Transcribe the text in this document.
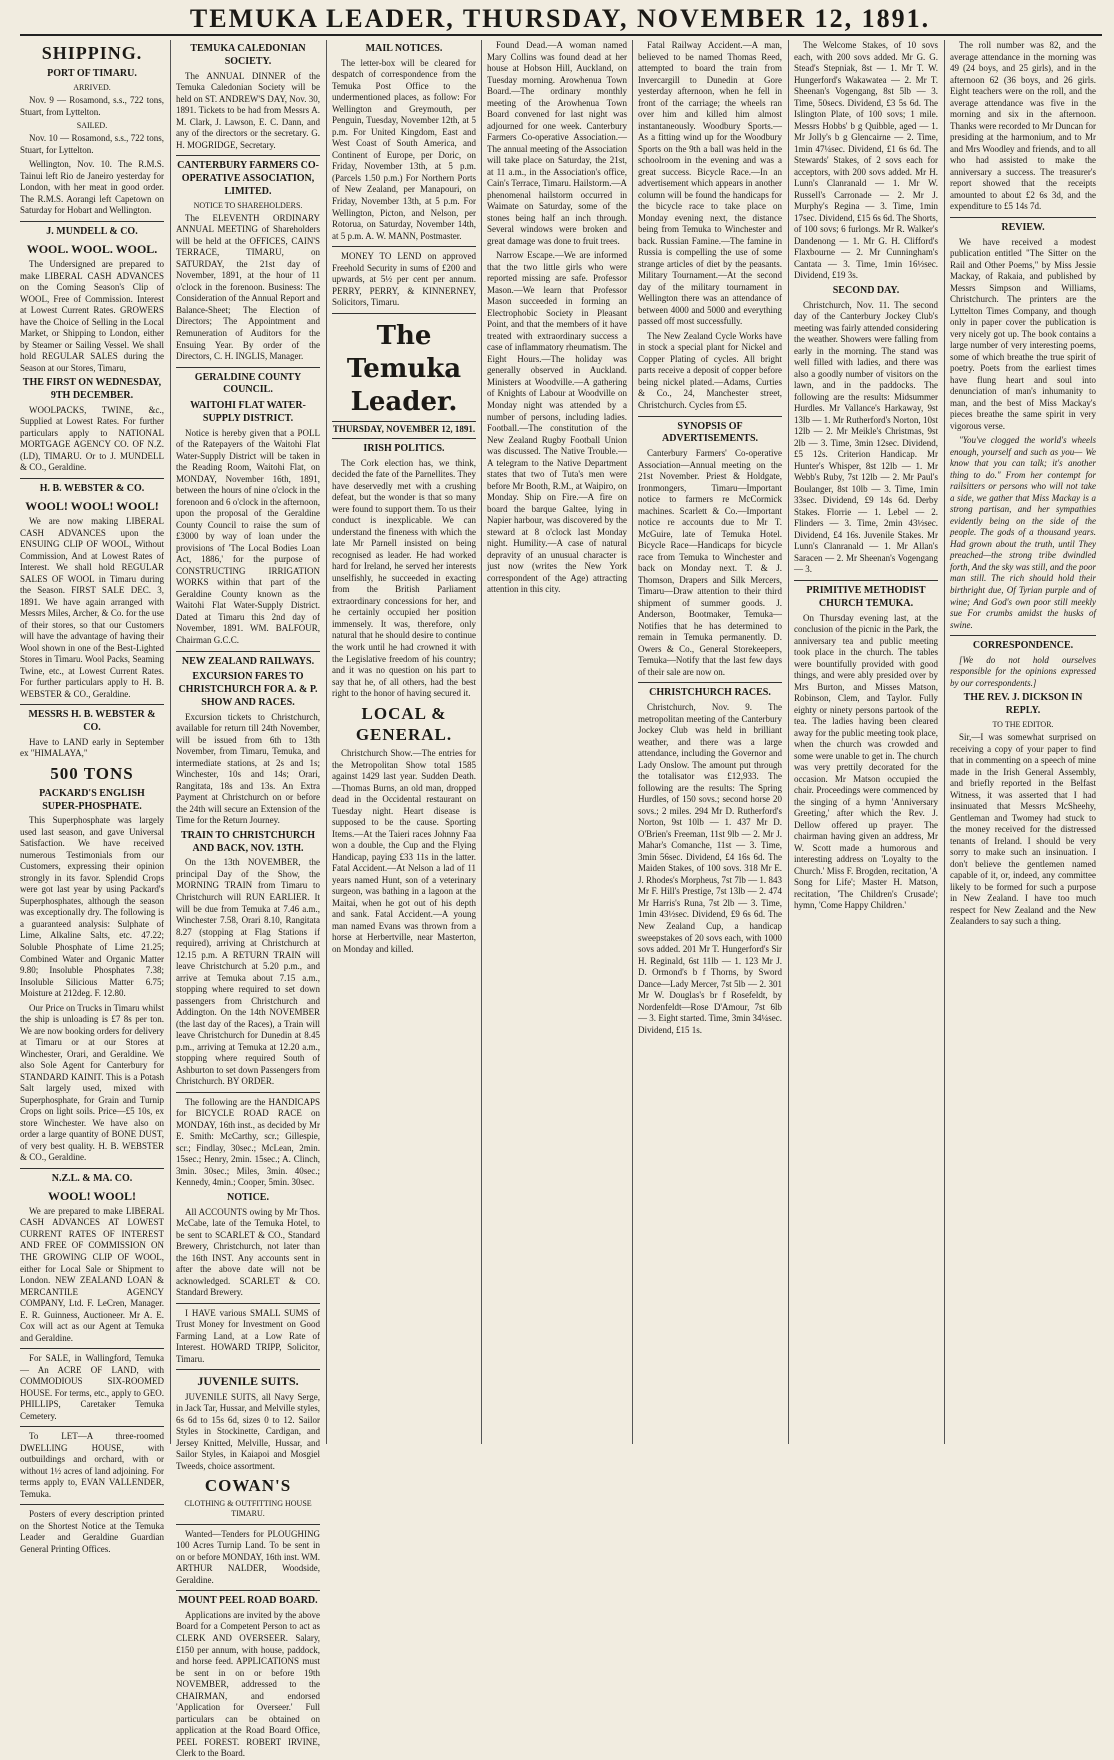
TEMUKA LEADER, THURSDAY, NOVEMBER 12, 1891.
SHIPPING.
PORT OF TIMARU.
ARRIVED.

Nov. 9 — Rosamond, s.s., 722 tons, Stuart, from Lyttelton.

SAILED.

Nov. 10 — Rosamond, s.s., 722 tons, Stuart, for Lyttelton.

Wellington, Nov. 10. The R.M.S. Tainui left Rio de Janeiro yesterday for London, with her meat in good order. The R.M.S. Aorangi left Capetown on Saturday for Hobart and Wellington.

J. MUNDELL & CO.
WOOL. WOOL. WOOL.

The Undersigned are prepared to make LIBERAL CASH ADVANCES on the Coming Season's Clip of WOOL, Free of Commission. Interest at Lowest Current Rates. GROWERS have the Choice of Selling in the Local Market, or Shipping to London, either by Steamer or Sailing Vessel. We shall hold REGULAR SALES during the Season at our Stores, Timaru,

THE FIRST ON WEDNESDAY, 9TH DECEMBER.

WOOLPACKS, TWINE, &c., Supplied at Lowest Rates. For further particulars apply to NATIONAL MORTGAGE AGENCY CO. OF N.Z. (LD), TIMARU. Or to J. MUNDELL & CO., Geraldine.

H. B. WEBSTER & CO.
WOOL! WOOL! WOOL!

We are now making LIBERAL CASH ADVANCES upon the ENSUING CLIP OF WOOL, Without Commission, And at Lowest Rates of Interest. We shall hold REGULAR SALES OF WOOL in Timaru during the Season. FIRST SALE DEC. 3, 1891. We have again arranged with Messrs Miles, Archer, & Co. for the use of their stores, so that our Customers will have the advantage of having their Wool shown in one of the Best-Lighted Stores in Timaru. Wool Packs, Seaming Twine, etc., at Lowest Current Rates. For further particulars apply to H. B. WEBSTER & CO., Geraldine.

MESSRS H. B. WEBSTER & CO.

Have to LAND early in September ex "HIMALAYA,"

500 TONS
PACKARD'S ENGLISH SUPER-PHOSPHATE.

This Superphosphate was largely used last season, and gave Universal Satisfaction. We have received numerous Testimonials from our Customers, expressing their opinion strongly in its favor. Splendid Crops were got last year by using Packard's Superphosphates, although the season was exceptionally dry. The following is a guaranteed analysis: Sulphate of Lime, Alkaline Salts, etc. 47.22; Soluble Phosphate of Lime 21.25; Combined Water and Organic Matter 9.80; Insoluble Phosphates 7.38; Insoluble Silicious Matter 6.75; Moisture at 212deg. F. 12.80.

Our Price on Trucks in Timaru whilst the ship is unloading is £7 8s per ton. We are now booking orders for delivery at Timaru or at our Stores at Winchester, Orari, and Geraldine. We also Sole Agent for Canterbury for STANDARD KAINIT. This is a Potash Salt largely used, mixed with Superphosphate, for Grain and Turnip Crops on light soils. Price—£5 10s, ex store Winchester. We have also on order a large quantity of BONE DUST, of very best quality. H. B. WEBSTER & CO., Geraldine.

N.Z.L. & MA. CO.
WOOL! WOOL!

We are prepared to make LIBERAL CASH ADVANCES AT LOWEST CURRENT RATES OF INTEREST AND FREE OF COMMISSION ON THE GROWING CLIP OF WOOL, either for Local Sale or Shipment to London. NEW ZEALAND LOAN & MERCANTILE AGENCY COMPANY, Ltd. F. LeCren, Manager. E. R. Guinness, Auctioneer. Mr A. E. Cox will act as our Agent at Temuka and Geraldine.

For SALE, in Wallingford, Temuka— An ACRE OF LAND, with COMMODIOUS SIX-ROOMED HOUSE. For terms, etc., apply to GEO. PHILLIPS, Caretaker Temuka Cemetery.

To LET—A three-roomed DWELLING HOUSE, with outbuildings and orchard, with or without 1½ acres of land adjoining. For terms apply to, EVAN VALLENDER, Temuka.

Posters of every description printed on the Shortest Notice at the Temuka Leader and Geraldine Guardian General Printing Offices.

TEMUKA CALEDONIAN SOCIETY.

The ANNUAL DINNER of the Temuka Caledonian Society will be held on ST. ANDREW'S DAY, Nov. 30, 1891. Tickets to be had from Messrs A. M. Clark, J. Lawson, E. C. Dann, and any of the directors or the secretary. G. H. MOGRIDGE, Secretary.

CANTERBURY FARMERS CO-OPERATIVE ASSOCIATION, LIMITED.
NOTICE TO SHAREHOLDERS.

The ELEVENTH ORDINARY ANNUAL MEETING of Shareholders will be held at the OFFICES, CAIN'S TERRACE, TIMARU, on SATURDAY, the 21st day of November, 1891, at the hour of 11 o'clock in the forenoon. Business: The Consideration of the Annual Report and Balance-Sheet; The Election of Directors; The Appointment and Remuneration of Auditors for the Ensuing Year. By order of the Directors, C. H. INGLIS, Manager.

GERALDINE COUNTY COUNCIL.
WAITOHI FLAT WATER-SUPPLY DISTRICT.

Notice is hereby given that a POLL of the Ratepayers of the Waitohi Flat Water-Supply District will be taken in the Reading Room, Waitohi Flat, on MONDAY, November 16th, 1891, between the hours of nine o'clock in the forenoon and 6 o'clock in the afternoon, upon the proposal of the Geraldine County Council to raise the sum of £3000 by way of loan under the provisions of 'The Local Bodies Loan Act, 1886,' for the purpose of CONSTRUCTING IRRIGATION WORKS within that part of the Geraldine County known as the Waitohi Flat Water-Supply District. Dated at Timaru this 2nd day of November, 1891. WM. BALFOUR, Chairman G.C.C.

NEW ZEALAND RAILWAYS.
EXCURSION FARES TO CHRISTCHURCH FOR A. & P. SHOW AND RACES.

Excursion tickets to Christchurch, available for return till 24th November, will be issued from 6th to 13th November, from Timaru, Temuka, and intermediate stations, at 2s and 1s; Winchester, 10s and 14s; Orari, Rangitata, 18s and 13s. An Extra Payment at Christchurch on or before the 24th will secure an Extension of the Time for the Return Journey.

TRAIN TO CHRISTCHURCH AND BACK, NOV. 13TH.

On the 13th NOVEMBER, the principal Day of the Show, the MORNING TRAIN from Timaru to Christchurch will RUN EARLIER. It will be due from Temuka at 7.46 a.m., Winchester 7.58, Orari 8.10, Rangitata 8.27 (stopping at Flag Stations if required), arriving at Christchurch at 12.15 p.m. A RETURN TRAIN will leave Christchurch at 5.20 p.m., and arrive at Temuka about 7.15 a.m., stopping where required to set down passengers from Christchurch and Addington. On the 14th NOVEMBER (the last day of the Races), a Train will leave Christchurch for Dunedin at 8.45 p.m., arriving at Temuka at 12.20 a.m., stopping where required South of Ashburton to set down Passengers from Christchurch. BY ORDER.

The following are the HANDICAPS for BICYCLE ROAD RACE on MONDAY, 16th inst., as decided by Mr E. Smith: McCarthy, scr.; Gillespie, scr.; Findlay, 30sec.; McLean, 2min. 15sec.; Henry, 2min. 15sec.; A. Clinch, 3min. 30sec.; Miles, 3min. 40sec.; Kennedy, 4min.; Cooper, 5min. 30sec.

NOTICE.

All ACCOUNTS owing by Mr Thos. McCabe, late of the Temuka Hotel, to be sent to SCARLET & CO., Standard Brewery, Christchurch, not later than the 16th INST. Any accounts sent in after the above date will not be acknowledged. SCARLET & CO. Standard Brewery.

I HAVE various SMALL SUMS of Trust Money for Investment on Good Farming Land, at a Low Rate of Interest. HOWARD TRIPP, Solicitor, Timaru.

JUVENILE SUITS.

JUVENILE SUITS, all Navy Serge, in Jack Tar, Hussar, and Melville styles, 6s 6d to 15s 6d, sizes 0 to 12. Sailor Styles in Stockinette, Cardigan, and Jersey Knitted, Melville, Hussar, and Sailor Styles, in Kaiapoi and Mosgiel Tweeds, choice assortment.

COWAN'S
CLOTHING & OUTFITTING HOUSE TIMARU.

Wanted—Tenders for PLOUGHING 100 Acres Turnip Land. To be sent in on or before MONDAY, 16th inst. WM. ARTHUR NALDER, Woodside, Geraldine.

MOUNT PEEL ROAD BOARD.

Applications are invited by the above Board for a Competent Person to act as CLERK AND OVERSEER. Salary, £150 per annum, with house, paddock, and horse feed. APPLICATIONS must be sent in on or before 19th NOVEMBER, addressed to the CHAIRMAN, and endorsed 'Application for Overseer.' Full particulars can be obtained on application at the Road Board Office, PEEL FOREST. ROBERT IRVINE, Clerk to the Board.

MAIL NOTICES.

The letter-box will be cleared for despatch of correspondence from the Temuka Post Office to the undermentioned places, as follow: For Wellington and Greymouth, per Penguin, Tuesday, November 12th, at 5 p.m. For United Kingdom, East and West Coast of South America, and Continent of Europe, per Doric, on Friday, November 13th, at 5 p.m. (Parcels 1.50 p.m.) For Northern Ports of New Zealand, per Manapouri, on Friday, November 13th, at 5 p.m. For Wellington, Picton, and Nelson, per Rotorua, on Saturday, November 14th, at 5 p.m. A. W. MANN, Postmaster.

MONEY TO LEND on approved Freehold Security in sums of £200 and upwards, at 5½ per cent per annum. PERRY, PERRY, & KINNERNEY, Solicitors, Timaru.

The Temuka Leader.
THURSDAY, NOVEMBER 12, 1891.
IRISH POLITICS.

The Cork election has, we think, decided the fate of the Parnellites. They have deservedly met with a crushing defeat, but the wonder is that so many were found to support them. To us their conduct is inexplicable. We can understand the fineness with which the late Mr Parnell insisted on being recognised as leader. He had worked hard for Ireland, he served her interests unselfishly, he succeeded in exacting from the British Parliament extraordinary concessions for her, and he certainly occupied her position immensely. It was, therefore, only natural that he should desire to continue the work until he had crowned it with the Legislative freedom of his country; and it was no question on his part to say that he, of all others, had the best right to the honor of having secured it.

LOCAL & GENERAL.

Christchurch Show.—The entries for the Metropolitan Show total 1585 against 1429 last year. Sudden Death.—Thomas Burns, an old man, dropped dead in the Occidental restaurant on Tuesday night. Heart disease is supposed to be the cause. Sporting Items.—At the Taieri races Johnny Faa won a double, the Cup and the Flying Handicap, paying £33 11s in the latter. Fatal Accident.—At Nelson a lad of 11 years named Hunt, son of a veterinary surgeon, was bathing in a lagoon at the Maitai, when he got out of his depth and sank. Fatal Accident.—A young man named Evans was thrown from a horse at Herbertville, near Masterton, on Monday and killed.

Found Dead.—A woman named Mary Collins was found dead at her house at Hobson Hill, Auckland, on Tuesday morning. Arowhenua Town Board.—The ordinary monthly meeting of the Arowhenua Town Board convened for last night was adjourned for one week. Canterbury Farmers Co-operative Association.—The annual meeting of the Association will take place on Saturday, the 21st, at 11 a.m., in the Association's office, Cain's Terrace, Timaru. Hailstorm.—A phenomenal hailstorm occurred in Waimate on Saturday, some of the stones being half an inch through. Several windows were broken and great damage was done to fruit trees.

Narrow Escape.—We are informed that the two little girls who were reported missing are safe. Professor Mason.—We learn that Professor Mason succeeded in forming an Electrophobic Society in Pleasant Point, and that the members of it have treated with extraordinary success a case of inflammatory rheumatism. The Eight Hours.—The holiday was generally observed in Auckland. Ministers at Woodville.—A gathering of Knights of Labour at Woodville on Monday night was attended by a number of persons, including ladies. Football.—The constitution of the New Zealand Rugby Football Union was discussed. The Native Trouble.—A telegram to the Native Department states that two of Tuta's men were before Mr Booth, R.M., at Waipiro, on Monday. Ship on Fire.—A fire on board the barque Galtee, lying in Napier harbour, was discovered by the steward at 8 o'clock last Monday night. Humility.—A case of natural depravity of an unusual character is just now (writes the New York correspondent of the Age) attracting attention in this city.

Fatal Railway Accident.—A man, believed to be named Thomas Reed, attempted to board the train from Invercargill to Dunedin at Gore yesterday afternoon, when he fell in front of the carriage; the wheels ran over him and killed him almost instantaneously. Woodbury Sports.—As a fitting wind up for the Woodbury Sports on the 9th a ball was held in the schoolroom in the evening and was a great success. Bicycle Race.—In an advertisement which appears in another column will be found the handicaps for the bicycle race to take place on Monday evening next, the distance being from Temuka to Winchester and back. Russian Famine.—The famine in Russia is compelling the use of some strange articles of diet by the peasants. Military Tournament.—At the second day of the military tournament in Wellington there was an attendance of between 4000 and 5000 and everything passed off most successfully.

The New Zealand Cycle Works have in stock a special plant for Nickel and Copper Plating of cycles. All bright parts receive a deposit of copper before being nickel plated.—Adams, Curties & Co., 24, Manchester street, Christchurch. Cycles from £5.

SYNOPSIS OF ADVERTISEMENTS.

Canterbury Farmers' Co-operative Association—Annual meeting on the 21st November. Priest & Holdgate, Ironmongers, Timaru—Important notice to farmers re McCormick machines. Scarlett & Co.—Important notice re accounts due to Mr T. McGuire, late of Temuka Hotel. Bicycle Race—Handicaps for bicycle race from Temuka to Winchester and back on Monday next. T. & J. Thomson, Drapers and Silk Mercers, Timaru—Draw attention to their third shipment of summer goods. J. Anderson, Bootmaker, Temuka—Notifies that he has determined to remain in Temuka permanently. D. Owers & Co., General Storekeepers, Temuka—Notify that the last few days of their sale are now on.

CHRISTCHURCH RACES.

Christchurch, Nov. 9. The metropolitan meeting of the Canterbury Jockey Club was held in brilliant weather, and there was a large attendance, including the Governor and Lady Onslow. The amount put through the totalisator was £12,933. The following are the results: The Spring Hurdles, of 150 sovs.; second horse 20 sovs.; 2 miles. 294 Mr D. Rutherford's Norton, 9st 10lb — 1. 437 Mr D. O'Brien's Freeman, 11st 9lb — 2. Mr J. Mahar's Comanche, 11st — 3. Time, 3min 56sec. Dividend, £4 16s 6d. The Maiden Stakes, of 100 sovs. 318 Mr E. J. Rhodes's Morpheus, 7st 7lb — 1. 843 Mr F. Hill's Prestige, 7st 13lb — 2. 474 Mr Harris's Runa, 7st 2lb — 3. Time, 1min 43½sec. Dividend, £9 6s 6d. The New Zealand Cup, a handicap sweepstakes of 20 sovs each, with 1000 sovs added. 201 Mr T. Hungerford's Sir H. Reginald, 6st 11lb — 1. 123 Mr J. D. Ormond's b f Thorns, by Sword Dance—Lady Mercer, 7st 5lb — 2. 301 Mr W. Douglas's br f Rosefeldt, by Nordenfeldt—Rose D'Amour, 7st 6lb — 3. Eight started. Time, 3min 34¼sec. Dividend, £15 1s.

The Welcome Stakes, of 10 sovs each, with 200 sovs added. Mr G. G. Stead's Stepniak, 8st — 1. Mr T. W. Hungerford's Wakawatea — 2. Mr T. Sheenan's Vogengang, 8st 5lb — 3. Time, 50secs. Dividend, £3 5s 6d. The Islington Plate, of 100 sovs; 1 mile. Messrs Hobbs' b g Quibble, aged — 1. Mr Jolly's b g Glencairne — 2. Time, 1min 47¼sec. Dividend, £1 6s 6d. The Stewards' Stakes, of 2 sovs each for acceptors, with 200 sovs added. Mr H. Lunn's Clanranald — 1. Mr W. Russell's Carronade — 2. Mr J. Murphy's Regina — 3. Time, 1min 17sec. Dividend, £15 6s 6d. The Shorts, of 100 sovs; 6 furlongs. Mr R. Walker's Dandenong — 1. Mr G. H. Clifford's Flaxbourne — 2. Mr Cunningham's Cantata — 3. Time, 1min 16½sec. Dividend, £19 3s.

SECOND DAY.

Christchurch, Nov. 11. The second day of the Canterbury Jockey Club's meeting was fairly attended considering the weather. Showers were falling from early in the morning. The stand was well filled with ladies, and there was also a goodly number of visitors on the lawn, and in the paddocks. The following are the results: Midsummer Hurdles. Mr Vallance's Harkaway, 9st 13lb — 1. Mr Rutherford's Norton, 10st 12lb — 2. Mr Meikle's Christmas, 9st 2lb — 3. Time, 3min 12sec. Dividend, £5 12s. Criterion Handicap. Mr Hunter's Whisper, 8st 12lb — 1. Mr Webb's Ruby, 7st 12lb — 2. Mr Paul's Boulanger, 8st 10lb — 3. Time, 1min 33sec. Dividend, £9 14s 6d. Derby Stakes. Florrie — 1. Lebel — 2. Flinders — 3. Time, 2min 43½sec. Dividend, £4 16s. Juvenile Stakes. Mr Lunn's Clanranald — 1. Mr Allan's Saracen — 2. Mr Sheenan's Vogengang — 3.

PRIMITIVE METHODIST CHURCH TEMUKA.

On Thursday evening last, at the conclusion of the picnic in the Park, the anniversary tea and public meeting took place in the church. The tables were bountifully provided with good things, and were ably presided over by Mrs Burton, and Misses Matson, Robinson, Clem, and Taylor. Fully eighty or ninety persons partook of the tea. The ladies having been cleared away for the public meeting took place, when the church was crowded and some were unable to get in. The church was very prettily decorated for the occasion. Mr Matson occupied the chair. Proceedings were commenced by the singing of a hymn 'Anniversary Greeting,' after which the Rev. J. Dellow offered up prayer. The chairman having given an address, Mr W. Scott made a humorous and interesting address on 'Loyalty to the Church.' Miss F. Brogden, recitation, 'A Song for Life'; Master H. Matson, recitation, 'The Children's Crusade'; hymn, 'Come Happy Children.'

The roll number was 82, and the average attendance in the morning was 49 (24 boys, and 25 girls), and in the afternoon 62 (36 boys, and 26 girls. Eight teachers were on the roll, and the average attendance was five in the morning and six in the afternoon. Thanks were recorded to Mr Duncan for presiding at the harmonium, and to Mr and Mrs Woodley and friends, and to all who had assisted to make the anniversary a success. The treasurer's report showed that the receipts amounted to about £2 6s 3d, and the expenditure to £5 14s 7d.

REVIEW.

We have received a modest publication entitled "The Sitter on the Rail and Other Poems," by Miss Jessie Mackay, of Rakaia, and published by Messrs Simpson and Williams, Christchurch. The printers are the Lyttelton Times Company, and though only in paper cover the publication is very nicely got up. The book contains a large number of very interesting poems, some of which breathe the true spirit of poetry. Poets from the earliest times have flung heart and soul into denunciation of man's inhumanity to man, and the best of Miss Mackay's pieces breathe the same spirit in very vigorous verse.

"You've clogged the world's wheels enough, yourself and such as you— We know that you can talk; it's another thing to do." From her contempt for railsitters or persons who will not take a side, we gather that Miss Mackay is a strong partisan, and her sympathies evidently being on the side of the people. The gods of a thousand years. Had grown about the truth, until They preached—the strong tribe dwindled forth, And the sky was still, and the poor man still. The rich should hold their birthright due, Of Tyrian purple and of wine; And God's own poor still meekly sue For crumbs amidst the husks of swine.

CORRESPONDENCE.

[We do not hold ourselves responsible for the opinions expressed by our correspondents.]

THE REV. J. DICKSON IN REPLY.
TO THE EDITOR.

Sir,—I was somewhat surprised on receiving a copy of your paper to find that in commenting on a speech of mine made in the Irish General Assembly, and briefly reported in the Belfast Witness, it was asserted that I had insinuated that Messrs McSheehy, Gentleman and Twomey had stuck to the money received for the distressed tenants of Ireland. I should be very sorry to make such an insinuation. I don't believe the gentlemen named capable of it, or, indeed, any committee likely to be formed for such a purpose in New Zealand. I have too much respect for New Zealand and the New Zealanders to say such a thing.
